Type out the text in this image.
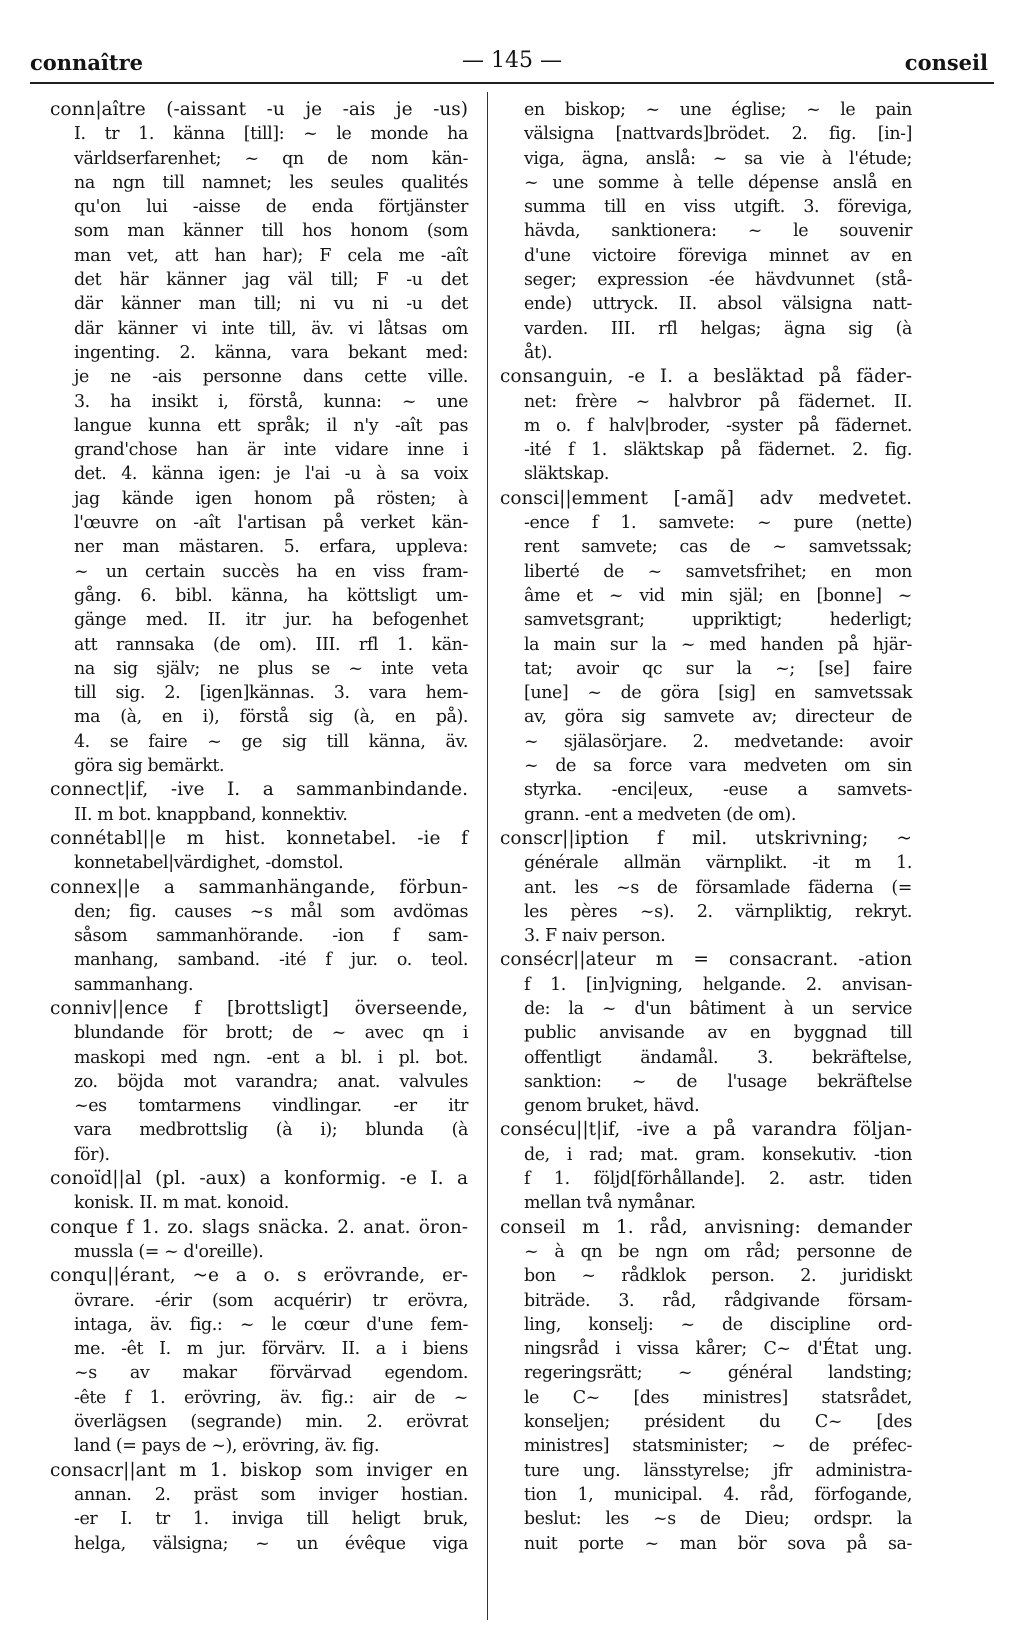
connaître	— 145 —	conseil
conn|aître (-aissant -u je -ais je -us)
I. tr 1. känna [till]: ~ le monde ha
världserfarenhet; ~ qn de nom kän-
na ngn till namnet; les seules qualités
qu'on lui -aisse de enda förtjänster
som man känner till hos honom (som
man vet, att han har); F cela me -aît
det här känner jag väl till; F -u det
där känner man till; ni vu ni -u det
där känner vi inte till, äv. vi låtsas om
ingenting. 2. känna, vara bekant med:
je ne -ais personne dans cette ville.
3. ha insikt i, förstå, kunna: ~ une
langue kunna ett språk; il n'y -aît pas
grand'chose han är inte vidare inne i
det. 4. känna igen: je l'ai -u à sa voix
jag kände igen honom på rösten; à
l'œuvre on -aît l'artisan på verket kän-
ner man mästaren. 5. erfara, uppleva:
~ un certain succès ha en viss fram-
gång. 6. bibl. känna, ha köttsligt um-
gänge med. II. itr jur. ha befogenhet
att rannsaka (de om). III. rfl 1. kän-
na sig själv; ne plus se ~ inte veta
till sig. 2. [igen]kännas. 3. vara hem-
ma (à, en i), förstå sig (à, en på).
4. se faire ~ ge sig till känna, äv.
göra sig bemärkt.
connect|if, -ive I. a sammanbindande.
II. m bot. knappband, konnektiv.
connétabl||e m hist. konnetabel. -ie f
konnetabel|värdighet, -domstol.
connex||e a sammanhängande, förbun-
den; fig. causes ~s mål som avdömas
såsom sammanhörande. -ion f sam-
manhang, samband. -ité f jur. o. teol.
sammanhang.
conniv||ence f [brottsligt] överseende,
blundande för brott; de ~ avec qn i
maskopi med ngn. -ent a bl. i pl. bot.
zo. böjda mot varandra; anat. valvules
~es tomtarmens vindlingar. -er itr
vara medbrottslig (à i); blunda (à
för).
conoïd||al (pl. -aux) a konformig. -e I. a
konisk. II. m mat. konoid.
conque f 1. zo. slags snäcka. 2. anat. öron-
mussla (= ~ d'oreille).
conqu||érant, ~e a o. s erövrande, er-
övrare. -érir (som acquérir) tr erövra,
intaga, äv. fig.: ~ le cœur d'une fem-
me. -êt I. m jur. förvärv. II. a i biens
~s av makar förvärvad egendom.
-ête f 1. erövring, äv. fig.: air de ~
överlägsen (segrande) min. 2. erövrat
land (= pays de ~), erövring, äv. fig.
consacr||ant m 1. biskop som inviger en
annan. 2. präst som inviger hostian.
-er I. tr 1. inviga till heligt bruk,
helga, välsigna; ~ un évêque viga
en biskop; ~ une église; ~ le pain
välsigna [nattvards]brödet. 2. fig. [in-]
viga, ägna, anslå: ~ sa vie à l'étude;
~ une somme à telle dépense anslå en
summa till en viss utgift. 3. föreviga,
hävda, sanktionera: ~ le souvenir
d'une victoire föreviga minnet av en
seger; expression -ée hävdvunnet (stå-
ende) uttryck. II. absol välsigna natt-
varden. III. rfl helgas; ägna sig (à
åt).
consanguin, -e I. a besläktad på fäder-
net: frère ~ halvbror på fädernet. II.
m o. f halv|broder, -syster på fädernet.
-ité f 1. släktskap på fädernet. 2. fig.
släktskap.
consci||emment [-amã] adv medvetet.
-ence f 1. samvete: ~ pure (nette)
rent samvete; cas de ~ samvetssak;
liberté de ~ samvetsfrihet; en mon
âme et ~ vid min själ; en [bonne] ~
samvetsgrant; uppriktigt; hederligt;
la main sur la ~ med handen på hjär-
tat; avoir qc sur la ~; [se] faire
[une] ~ de göra [sig] en samvetssak
av, göra sig samvete av; directeur de
~ själasörjare. 2. medvetande: avoir
~ de sa force vara medveten om sin
styrka. -enci|eux, -euse a samvets-
grann. -ent a medveten (de om).
conscr||iption f mil. utskrivning; ~
générale allmän värnplikt. -it m 1.
ant. les ~s de församlade fäderna (=
les pères ~s). 2. värnpliktig, rekryt.
3. F naiv person.
consécr||ateur m = consacrant. -ation
f 1. [in]vigning, helgande. 2. anvisan-
de: la ~ d'un bâtiment à un service
public anvisande av en byggnad till
offentligt ändamål. 3. bekräftelse,
sanktion: ~ de l'usage bekräftelse
genom bruket, hävd.
consécu||t|if, -ive a på varandra följan-
de, i rad; mat. gram. konsekutiv. -tion
f 1. följd[förhållande]. 2. astr. tiden
mellan två nymånar.
conseil m 1. råd, anvisning: demander
~ à qn be ngn om råd; personne de
bon ~ rådklok person. 2. juridiskt
biträde. 3. råd, rådgivande försam-
ling, konselj: ~ de discipline ord-
ningsråd i vissa kårer; C~ d'État ung.
regeringsrätt; ~ général landsting;
le C~ [des ministres] statsrådet,
konseljen; président du C~ [des
ministres] statsminister; ~ de préfec-
ture ung. länsstyrelse; jfr administra-
tion 1, municipal. 4. råd, förfogande,
beslut: les ~s de Dieu; ordspr. la
nuit porte ~ man bör sova på sa-
